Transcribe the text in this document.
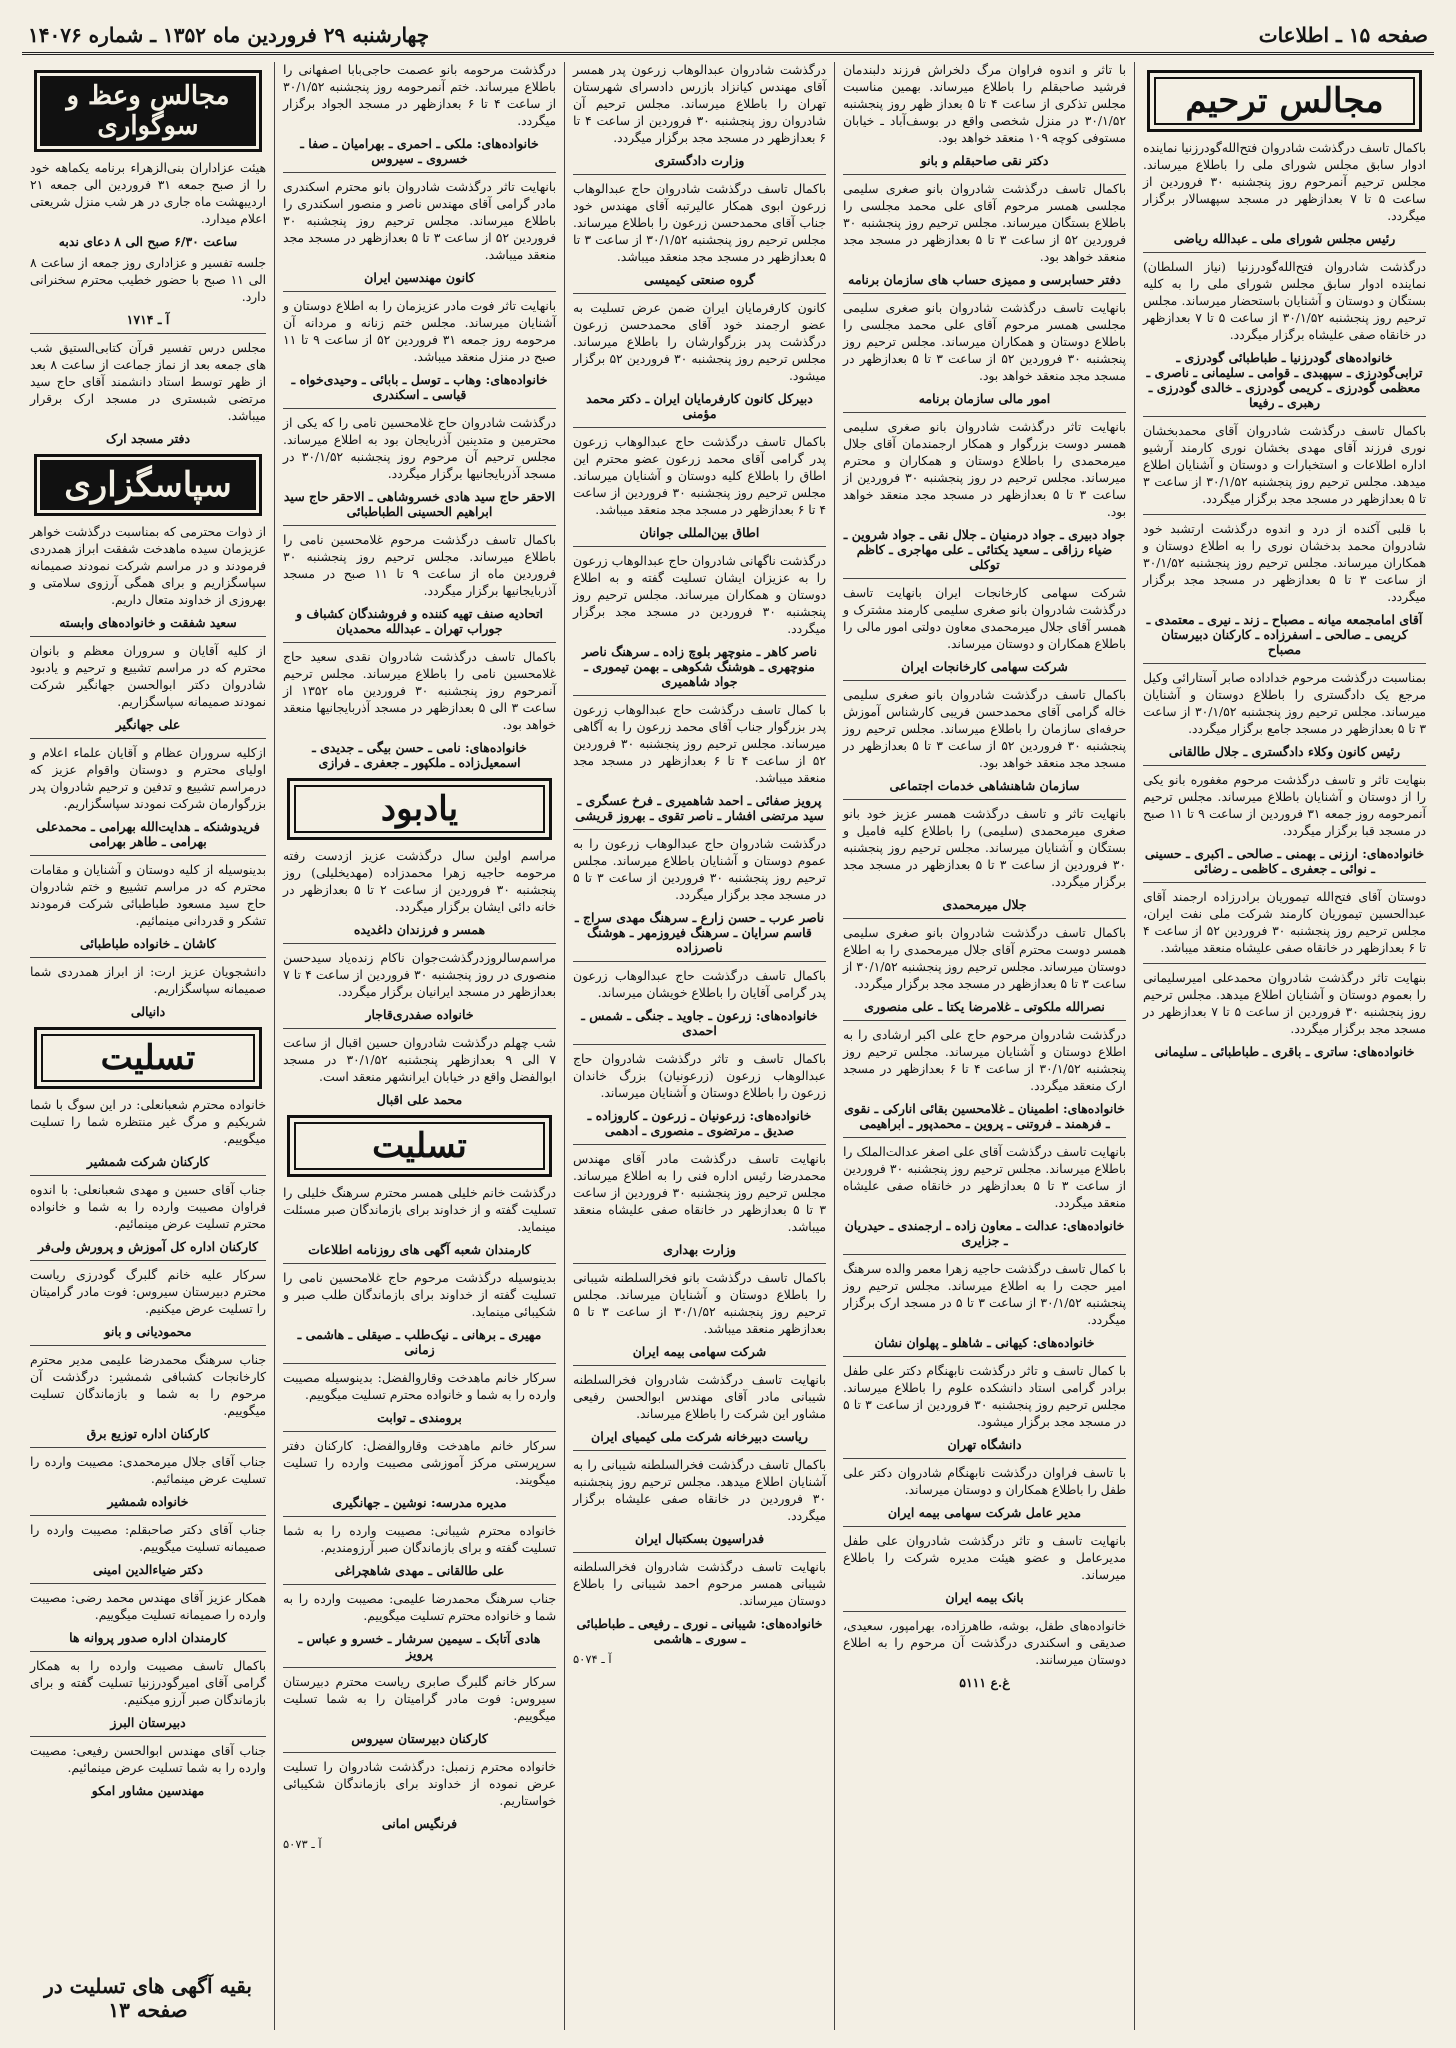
صفحه ۱۵ ـ اطلاعات
چهارشنبه ۲۹ فروردین ماه ۱۳۵۲ ـ شماره ۱۴۰۷۶
مجالس ترحیم

باکمال تاسف درگذشت شادروان فتح‌الله‌گودرزنیا نماینده ادوار سابق مجلس شورای ملی را باطلاع میرساند. مجلس ترحیم آنمرحوم روز پنجشنبه ۳۰ فروردین از ساعت ۵ تا ۷ بعدازظهر در مسجد سپهسالار برگزار میگردد.

رئیس مجلس شورای ملی ـ عبدالله ریاضی

درگذشت شادروان فتح‌الله‌گودرزنیا (نیاز السلطان) نماینده ادوار سابق مجلس شورای ملی را به کلیه بستگان و دوستان و آشنایان باستحضار میرساند. مجلس ترحیم روز پنجشنبه ۳۰/۱/۵۲ از ساعت ۵ تا ۷ بعدازظهر در خانقاه صفی علیشاه برگزار میگردد.

خانواده‌های گودرزنیا ـ طباطبائی گودرزی ـ ترابی‌گودرزی ـ سپهبدی ـ قوامی ـ سلیمانی ـ ناصری ـ معظمی گودرزی ـ کریمی گودرزی ـ خالدی گودرزی ـ رهبری ـ رفیعا

باکمال تاسف درگذشت شادروان آقای محمدبخشان نوری فرزند آقای مهدی بخشان نوری کارمند آرشیو اداره اطلاعات و استخبارات و دوستان و آشنایان اطلاع میدهد. مجلس ترحیم روز پنجشنبه ۳۰/۱/۵۲ از ساعت ۳ تا ۵ بعدازظهر در مسجد مجد برگزار میگردد.

با قلبی آکنده از درد و اندوه درگذشت ارتشبد خود شادروان محمد بدخشان نوری را به اطلاع دوستان و همکاران میرساند. مجلس ترحیم روز پنجشنبه ۳۰/۱/۵۲ از ساعت ۳ تا ۵ بعدازظهر در مسجد مجد برگزار میگردد.

آقای امامجمعه میانه ـ مصباح ـ زند ـ نیری ـ معتمدی ـ کریمی ـ صالحی ـ اسفرزاده ـ کارکنان دبیرستان مصباح

بمناسبت درگذشت مرحوم خداداده صابر آستارائی وکیل مرجع یک دادگستری را باطلاع دوستان و آشنایان میرساند. مجلس ترحیم روز پنجشنبه ۳۰/۱/۵۲ از ساعت ۳ تا ۵ بعدازظهر در مسجد جامع برگزار میگردد.

رئیس کانون وکلاء دادگستری ـ جلال طالقانی

بنهایت تاثر و تاسف درگذشت مرحوم مغفوره بانو یکی را از دوستان و آشنایان باطلاع میرساند. مجلس ترحیم آنمرحومه روز جمعه ۳۱ فروردین از ساعت ۹ تا ۱۱ صبح در مسجد قبا برگزار میگردد.

خانواده‌های: ارزنی ـ بهمنی ـ صالحی ـ اکبری ـ حسینی ـ نوائی ـ جعفری ـ کاظمی ـ رضائی

دوستان آقای فتح‌الله تیموریان برادرزاده ارجمند آقای عبدالحسین تیموریان کارمند شرکت ملی نفت ایران، مجلس ترحیم روز پنجشنبه ۳۰ فروردین ۵۲ از ساعت ۴ تا ۶ بعدازظهر در خانقاه صفی علیشاه منعقد میباشد.

بنهایت تاثر درگذشت شادروان محمدعلی امیرسلیمانی را بعموم دوستان و آشنایان اطلاع میدهد. مجلس ترحیم روز پنجشنبه ۳۰ فروردین از ساعت ۵ تا ۷ بعدازظهر در مسجد مجد برگزار میگردد.

خانواده‌های: ساتری ـ باقری ـ طباطبائی ـ سلیمانی

با تاثر و اندوه فراوان مرگ دلخراش فرزند دلبندمان فرشید صاحبقلم را باطلاع میرساند. بهمین مناسبت مجلس تذکری از ساعت ۴ تا ۵ بعداز ظهر روز پنجشنبه ۳۰/۱/۵۲ در منزل شخصی واقع در بوسف‌آباد ـ خیابان مستوفی کوچه ۱۰۹ منعقد خواهد بود.

دکتر نقی صاحبقلم و بانو

باکمال تاسف درگذشت شادروان بانو صغری سلیمی مجلسی همسر مرحوم آقای علی محمد مجلسی را باطلاع بستگان میرساند. مجلس ترحیم روز پنجشنبه ۳۰ فروردین ۵۲ از ساعت ۳ تا ۵ بعدازظهر در مسجد مجد منعقد خواهد بود.

دفتر حسابرسی و ممیزی حساب های سازمان برنامه

بانهایت تاسف درگذشت شادروان بانو صغری سلیمی مجلسی همسر مرحوم آقای علی محمد مجلسی را باطلاع دوستان و همکاران میرساند. مجلس ترحیم روز پنجشنبه ۳۰ فروردین ۵۲ از ساعت ۳ تا ۵ بعدازظهر در مسجد مجد منعقد خواهد بود.

امور مالی سازمان برنامه

بانهایت تاثر درگذشت شادروان بانو صغری سلیمی همسر دوست بزرگوار و همکار ارجمندمان آقای جلال میرمحمدی را باطلاع دوستان و همکاران و محترم میرساند. مجلس ترحیم در روز پنجشنبه ۳۰ فروردین از ساعت ۳ تا ۵ بعدازظهر در مسجد مجد منعقد خواهد بود.

جواد دبیری ـ جواد درمنیان ـ جلال نقی ـ جواد شروین ـ ضیاء رزاقی ـ سعید یکتائی ـ علی مهاجری ـ کاظم توکلی

شرکت سهامی کارخانجات ایران بانهایت تاسف درگذشت شادروان بانو صغری سلیمی کارمند مشترک و همسر آقای جلال میرمحمدی معاون دولتی امور مالی را باطلاع همکاران و دوستان میرساند.

شرکت سهامی کارخانجات ایران

باکمال تاسف درگذشت شادروان بانو صغری سلیمی خاله گرامی آقای محمدحسن فریبی کارشناس آموزش حرفه‌ای سازمان را باطلاع میرساند. مجلس ترحیم روز پنجشنبه ۳۰ فروردین ۵۲ از ساعت ۳ تا ۵ بعدازظهر در مسجد مجد منعقد خواهد بود.

سازمان شاهنشاهی خدمات اجتماعی

بانهایت تاثر و تاسف درگذشت همسر عزیز خود بانو صغری میرمحمدی (سلیمی) را باطلاع کلیه فامیل و بستگان و آشنایان میرساند. مجلس ترحیم روز پنجشنبه ۳۰ فروردین از ساعت ۳ تا ۵ بعدازظهر در مسجد مجد برگزار میگردد.

جلال میرمحمدی

باکمال تاسف درگذشت شادروان بانو صغری سلیمی همسر دوست محترم آقای جلال میرمحمدی را به اطلاع دوستان میرساند. مجلس ترحیم روز پنجشنبه ۳۰/۱/۵۲ از ساعت ۳ تا ۵ بعدازظهر در مسجد مجد برگزار میگردد.

نصرالله ملکوتی ـ غلامرضا یکتا ـ علی منصوری

درگذشت شادروان مرحوم حاج علی اکبر ارشادی را به اطلاع دوستان و آشنایان میرساند. مجلس ترحیم روز پنجشنبه ۳۰/۱/۵۲ از ساعت ۴ تا ۶ بعدازظهر در مسجد ارک منعقد میگردد.

خانواده‌های: اطمینان ـ غلامحسین بقائی انارکی ـ نقوی ـ فرهمند ـ فروتنی ـ پروین ـ محمدپور ـ ابراهیمی

بانهایت تاسف درگذشت آقای علی اصغر عدالت‌الملک را باطلاع میرساند. مجلس ترحیم روز پنجشنبه ۳۰ فروردین از ساعت ۳ تا ۵ بعدازظهر در خانقاه صفی علیشاه منعقد میگردد.

خانواده‌های: عدالت ـ معاون زاده ـ ارجمندی ـ حیدریان ـ جزایری

با کمال تاسف درگذشت حاجیه زهرا معمر والده سرهنگ امیر حجت را به اطلاع میرساند. مجلس ترحیم روز پنجشنبه ۳۰/۱/۵۲ از ساعت ۳ تا ۵ در مسجد ارک برگزار میگردد.

خانواده‌های: کیهانی ـ شاهلو ـ پهلوان نشان

با کمال تاسف و تاثر درگذشت نابهنگام دکتر علی طفل برادر گرامی استاد دانشکده علوم را باطلاع میرساند. مجلس ترحیم روز پنجشنبه ۳۰ فروردین از ساعت ۳ تا ۵ در مسجد مجد برگزار میشود.

دانشگاه تهران

با تاسف فراوان درگذشت نابهنگام شادروان دکتر علی طفل را باطلاع همکاران و دوستان میرساند.

مدیر عامل شرکت سهامی بیمه ایران

بانهایت تاسف و تاثر درگذشت شادروان علی طفل مدیرعامل و عضو هیئت مدیره شرکت را باطلاع میرساند.

بانک بیمه ایران

خانواده‌های طفل، بوشه، طاهرزاده، بهرامپور، سعیدی، صدیقی و اسکندری درگذشت آن مرحوم را به اطلاع دوستان میرسانند.

غ.ع ۵۱۱۱

درگذشت شادروان عبدالوهاب زرعون پدر همسر آقای مهندس کیانزاد بازرس دادسرای شهرستان تهران را باطلاع میرساند. مجلس ترحیم آن شادروان روز پنجشنبه ۳۰ فروردین از ساعت ۴ تا ۶ بعدازظهر در مسجد مجد برگزار میگردد.

وزارت دادگستری

باکمال تاسف درگذشت شادروان حاج عبدالوهاب زرعون ابوی همکار عالیرتبه آقای مهندس خود جناب آقای محمدحسن زرعون را باطلاع میرساند. مجلس ترحیم روز پنجشنبه ۳۰/۱/۵۲ از ساعت ۳ تا ۵ بعدازظهر در مسجد مجد منعقد میباشد.

گروه صنعتی کیمیسی

کانون کارفرمایان ایران ضمن عرض تسلیت به عضو ارجمند خود آقای محمدحسن زرعون درگذشت پدر بزرگوارشان را باطلاع میرساند. مجلس ترحیم روز پنجشنبه ۳۰ فروردین ۵۲ برگزار میشود.

دبیرکل کانون کارفرمایان ایران ـ دکتر محمد مؤمنی

باکمال تاسف درگذشت حاج عبدالوهاب زرعون پدر گرامی آقای محمد زرعون عضو محترم این اطاق را باطلاع کلیه دوستان و آشنایان میرساند. مجلس ترحیم روز پنجشنبه ۳۰ فروردین از ساعت ۴ تا ۶ بعدازظهر در مسجد مجد منعقد میباشد.

اطاق بین‌المللی جوانان

درگذشت ناگهانی شادروان حاج عبدالوهاب زرعون را به عزیزان ایشان تسلیت گفته و به اطلاع دوستان و همکاران میرساند. مجلس ترحیم روز پنجشنبه ۳۰ فروردین در مسجد مجد برگزار میگردد.

ناصر کاهر ـ منوچهر بلوچ زاده ـ سرهنگ ناصر منوچهری ـ هوشنگ شکوهی ـ بهمن تیموری ـ جواد شاهمیری

با کمال تاسف درگذشت حاج عبدالوهاب زرعون پدر بزرگوار جناب آقای محمد زرعون را به آگاهی میرساند. مجلس ترحیم روز پنجشنبه ۳۰ فروردین ۵۲ از ساعت ۴ تا ۶ بعدازظهر در مسجد مجد منعقد میباشد.

پرویز صفائی ـ احمد شاهمیری ـ فرخ عسگری ـ سید مرتضی افشار ـ ناصر تقوی ـ بهروز قریشی

درگذشت شادروان حاج عبدالوهاب زرعون را به عموم دوستان و آشنایان باطلاع میرساند. مجلس ترحیم روز پنجشنبه ۳۰ فروردین از ساعت ۳ تا ۵ در مسجد مجد برگزار میگردد.

ناصر عرب ـ حسن زارع ـ سرهنگ مهدی سراج ـ قاسم سرایان ـ سرهنگ فیروزمهر ـ هوشنگ ناصرزاده

باکمال تاسف درگذشت حاج عبدالوهاب زرعون پدر گرامی آقایان را باطلاع خویشان میرساند.

خانواده‌های: زرعون ـ جاوید ـ جنگی ـ شمس ـ احمدی

باکمال تاسف و تاثر درگذشت شادروان حاج عبدالوهاب زرعون (زرعونیان) بزرگ خاندان زرعون را باطلاع دوستان و آشنایان میرساند.

خانواده‌های: زرعونیان ـ زرعون ـ کاروزاده ـ صدیق ـ مرتضوی ـ منصوری ـ ادهمی

بانهایت تاسف درگذشت مادر آقای مهندس محمدرضا رئیس اداره فنی را به اطلاع میرساند. مجلس ترحیم روز پنجشنبه ۳۰ فروردین از ساعت ۳ تا ۵ بعدازظهر در خانقاه صفی علیشاه منعقد میباشد.

وزارت بهداری

باکمال تاسف درگذشت بانو فخرالسلطنه شیبانی را باطلاع دوستان و آشنایان میرساند. مجلس ترحیم روز پنجشنبه ۳۰/۱/۵۲ از ساعت ۳ تا ۵ بعدازظهر منعقد میباشد.

شرکت سهامی بیمه ایران

بانهایت تاسف درگذشت شادروان فخرالسلطنه شیبانی مادر آقای مهندس ابوالحسن رفیعی مشاور این شرکت را باطلاع میرساند.

ریاست دبیرخانه شرکت ملی کیمیای ایران

باکمال تاسف درگذشت فخرالسلطنه شیبانی را به آشنایان اطلاع میدهد. مجلس ترحیم روز پنجشنبه ۳۰ فروردین در خانقاه صفی علیشاه برگزار میگردد.

فدراسیون بسکتبال ایران

بانهایت تاسف درگذشت شادروان فخرالسلطنه شیبانی همسر مرحوم احمد شیبانی را باطلاع دوستان میرساند.

خانواده‌های: شیبانی ـ نوری ـ رفیعی ـ طباطبائی ـ سوری ـ هاشمی
آ ـ ۵۰۷۴

درگذشت مرحومه بانو عصمت حاجی‌بابا اصفهانی را باطلاع میرساند. ختم آنمرحومه روز پنجشنبه ۳۰/۱/۵۲ از ساعت ۴ تا ۶ بعدازظهر در مسجد الجواد برگزار میگردد.

خانواده‌های: ملکی ـ احمری ـ بهرامیان ـ صفا ـ خسروی ـ سیروس

بانهایت تاثر درگذشت شادروان بانو محترم اسکندری مادر گرامی آقای مهندس ناصر و منصور اسکندری را باطلاع میرساند. مجلس ترحیم روز پنجشنبه ۳۰ فروردین ۵۲ از ساعت ۳ تا ۵ بعدازظهر در مسجد مجد منعقد میباشد.

کانون مهندسین ایران

بانهایت تاثر فوت مادر عزیزمان را به اطلاع دوستان و آشنایان میرساند. مجلس ختم زنانه و مردانه آن مرحومه روز جمعه ۳۱ فروردین ۵۲ از ساعت ۹ تا ۱۱ صبح در منزل منعقد میباشد.

خانواده‌های: وهاب ـ توسل ـ بابائی ـ وحیدی‌خواه ـ قیاسی ـ اسکندری

درگذشت شادروان حاج غلامحسین نامی را که یکی از محترمین و متدینین آذربایجان بود به اطلاع میرساند. مجلس ترحیم آن مرحوم روز پنجشنبه ۳۰/۱/۵۲ در مسجد آذربایجانیها برگزار میگردد.

الاحقر حاج سید هادی خسروشاهی ـ الاحقر حاج سید ابراهیم الحسینی الطباطبائی

باکمال تاسف درگذشت مرحوم غلامحسین نامی را باطلاع میرساند. مجلس ترحیم روز پنجشنبه ۳۰ فروردین ماه از ساعت ۹ تا ۱۱ صبح در مسجد آذربایجانیها برگزار میگردد.

اتحادیه صنف تهیه کننده و فروشندگان کشباف و جوراب تهران ـ عبدالله محمدیان

باکمال تاسف درگذشت شادروان نقدی سعید حاج غلامحسین نامی را باطلاع میرساند. مجلس ترحیم آنمرحوم روز پنجشنبه ۳۰ فروردین ماه ۱۳۵۲ از ساعت ۳ الی ۵ بعدازظهر در مسجد آذربایجانیها منعقد خواهد بود.

خانواده‌های: نامی ـ حسن بیگی ـ جدیدی ـ اسمعیل‌زاده ـ ملکپور ـ جعفری ـ فرازی
یادبود

مراسم اولین سال درگذشت عزیز ازدست رفته مرحومه حاجیه زهرا محمدزاده (مهدیخلیلی) روز پنجشنبه ۳۰ فروردین از ساعت ۲ تا ۵ بعدازظهر در خانه دائی ایشان برگزار میگردد.

همسر و فرزندان داغدیده

مراسم‌سالروزدرگذشت‌جوان ناکام زنده‌یاد سیدحسن منصوری در روز پنجشنبه ۳۰ فروردین از ساعت ۴ تا ۷ بعدازظهر در مسجد ایرانیان برگزار میگردد.

خانواده صفدری‌قاجار

شب چهلم درگذشت شادروان حسین اقبال از ساعت ۷ الی ۹ بعدازظهر پنجشنبه ۳۰/۱/۵۲ در مسجد ابوالفضل واقع در خیابان ایرانشهر منعقد است.

محمد علی اقبال
تسلیت

درگذشت خانم خلیلی همسر محترم سرهنگ خلیلی را تسلیت گفته و از خداوند برای بازماندگان صبر مسئلت مینماید.

کارمندان شعبه آگهی های روزنامه اطلاعات

بدینوسیله درگذشت مرحوم حاج غلامحسین نامی را تسلیت گفته از خداوند برای بازماندگان طلب صبر و شکیبائی مینماید.

مهیری ـ برهانی ـ نیک‌طلب ـ صیقلی ـ هاشمی ـ زمانی

سرکار خانم ماهدخت وقاروالفضل: بدینوسیله مصیبت وارده را به شما و خانواده محترم تسلیت میگوییم.

برومندی ـ توابت

سرکار خانم ماهدخت وقاروالفضل: کارکنان دفتر سرپرستی مرکز آموزشی مصیبت وارده را تسلیت میگویند.

مدیره مدرسه: نوشین ـ جهانگیری

خانواده محترم شیبانی: مصیبت وارده را به شما تسلیت گفته و برای بازماندگان صبر آرزومندیم.

علی طالقانی ـ مهدی شاهچراغی

جناب سرهنگ محمدرضا علیمی: مصیبت وارده را به شما و خانواده محترم تسلیت میگوییم.

هادی آتابک ـ سیمین سرشار ـ خسرو و عباس ـ پرویز

سرکار خانم گلبرگ صابری ریاست محترم دبیرستان سیروس: فوت مادر گرامیتان را به شما تسلیت میگوییم.

کارکنان دبیرستان سیروس

خانواده محترم زنمبل: درگذشت شادروان را تسلیت عرض نموده از خداوند برای بازماندگان شکیبائی خواستاریم.

فرنگیس امانی
آ ـ ۵۰۷۳
مجالس وعظ و سوگواری

هیئت عزاداران بنی‌الزهراء برنامه یکماهه خود را از صبح جمعه ۳۱ فروردین الی جمعه ۲۱ اردیبهشت ماه جاری در هر شب منزل شریعتی اعلام میدارد.

ساعت ۶/۳۰ صبح الی ۸ دعای ندبه

جلسه تفسیر و عزاداری روز جمعه از ساعت ۸ الی ۱۱ صبح با حضور خطیب محترم سخنرانی دارد.

آ ـ ۱۷۱۴

مجلس درس تفسیر قرآن کتابی‌الستیق شب های جمعه بعد از نماز جماعت از ساعت ۸ بعد از ظهر توسط استاد دانشمند آقای حاج سید مرتضی شبستری در مسجد ارک برقرار میباشد.

دفتر مسجد ارک
سپاسگزاری

از ذوات محترمی که بمناسبت درگذشت خواهر عزیزمان سیده ماهدخت شفقت ابراز همدردی فرمودند و در مراسم شرکت نمودند صمیمانه سپاسگزاریم و برای همگی آرزوی سلامتی و بهروزی از خداوند متعال داریم.

سعید شفقت و خانواده‌های وابسته

از کلیه آقایان و سروران معظم و بانوان محترم که در مراسم تشییع و ترحیم و یادبود شادروان دکتر ابوالحسن جهانگیر شرکت نمودند صمیمانه سپاسگزاریم.

علی جهانگیر

ازکلیه سروران عظام و آقایان علماء اعلام و اولیای محترم و دوستان واقوام عزیز که درمراسم تشییع و تدفین و ترحیم شادروان پدر بزرگوارمان شرکت نمودند سپاسگزاریم.

فریدوشنکه ـ هدایت‌الله بهرامی ـ محمدعلی بهرامی ـ طاهر بهرامی

بدینوسیله از کلیه دوستان و آشنایان و مقامات محترم که در مراسم تشییع و ختم شادروان حاج سید مسعود طباطبائی شرکت فرمودند تشکر و قدردانی مینمائیم.

کاشان ـ خانواده طباطبائی

دانشجویان عزیز ارت: از ابراز همدردی شما صمیمانه سپاسگزاریم.

دانیالی
تسلیت

خانواده محترم شعبانعلی: در این سوگ با شما شریکیم و مرگ غیر منتظره شما را تسلیت میگوییم.

کارکنان شرکت شمشیر

جناب آقای حسین و مهدی شعبانعلی: با اندوه فراوان مصیبت وارده را به شما و خانواده محترم تسلیت عرض مینمائیم.

کارکنان اداره کل آموزش و پرورش ولی‌فر

سرکار علیه خانم گلبرگ گودرزی ریاست محترم دبیرستان سیروس: فوت مادر گرامیتان را تسلیت عرض میکنیم.

محمودیانی و بانو

جناب سرهنگ محمدرضا علیمی مدیر محترم کارخانجات کشبافی شمشیر: درگذشت آن مرحوم را به شما و بازماندگان تسلیت میگوییم.

کارکنان اداره توزیع برق

جناب آقای جلال میرمحمدی: مصیبت وارده را تسلیت عرض مینمائیم.

خانواده شمشیر

جناب آقای دکتر صاحبقلم: مصیبت وارده را صمیمانه تسلیت میگوییم.

دکتر ضیاءالدین امینی

همکار عزیز آقای مهندس محمد رضی: مصیبت وارده را صمیمانه تسلیت میگوییم.

کارمندان اداره صدور پروانه ها

باکمال تاسف مصیبت وارده را به همکار گرامی آقای امیرگودرزنیا تسلیت گفته و برای بازماندگان صبر آرزو میکنیم.

دبیرستان البرز

جناب آقای مهندس ابوالحسن رفیعی: مصیبت وارده را به شما تسلیت عرض مینمائیم.

مهندسین مشاور امکو
بقیه آگهی های تسلیت در صفحه ۱۳
